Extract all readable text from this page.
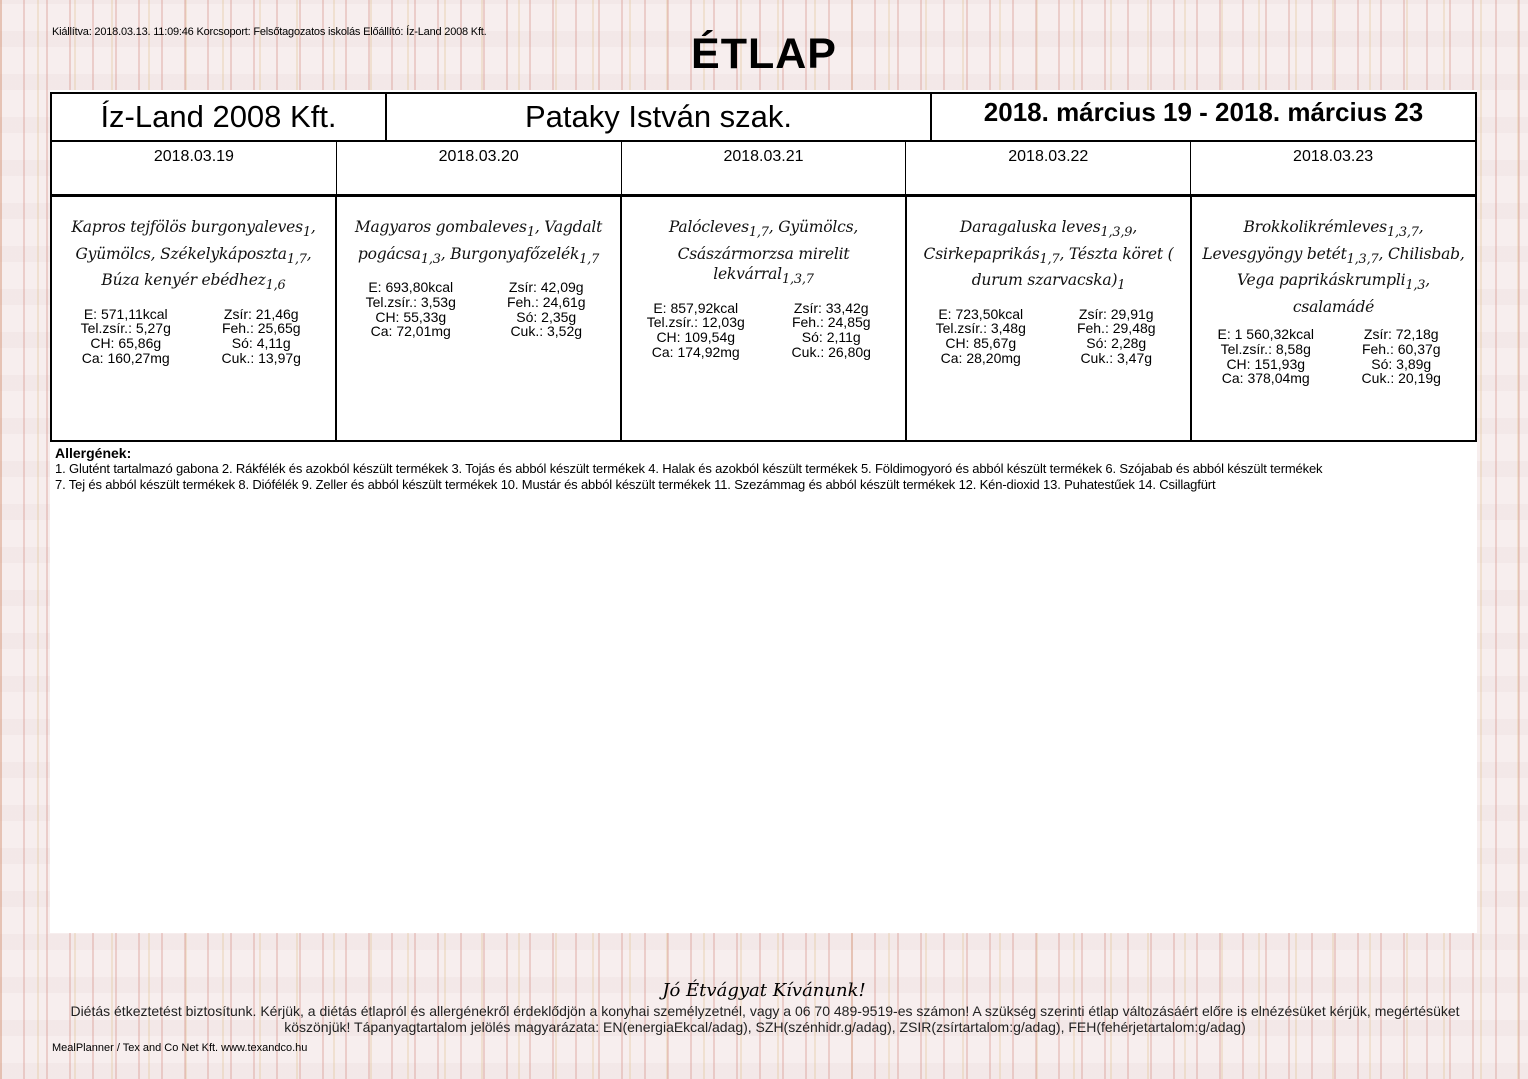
Kiállítva: 2018.03.13. 11:09:46 Korcsoport: Felsőtagozatos iskolás Előállító: Íz-Land 2008 Kft.	ÉTLAP
Íz-Land 2008 Kft.	Pataky István szak.	2018. március 19 - 2018. március 23
2018.03.19	2018.03.20	2018.03.21	2018.03.22	2018.03.23
Kapros tejfölös burgonyaleves$_1$, Gyümölcs, Székelykáposzta$_{1,7}$, Búza kenyér ebédhez$_{1,6}$
E: 571,11kcal	Zsír: 21,46g
Tel.zsír.: 5,27g	Feh.: 25,65g
CH: 65,86g	Só: 4,11g
Ca: 160,27mg	Cuk.: 13,97g
Magyaros gombaleves$_1$, Vagdalt pogácsa$_{1,3}$, Burgonyafőzelék$_{1,7}$
E: 693,80kcal	Zsír: 42,09g
Tel.zsír.: 3,53g	Feh.: 24,61g
CH: 55,33g	Só: 2,35g
Ca: 72,01mg	Cuk.: 3,52g
Palócleves$_{1,7}$, Gyümölcs, Császármorzsa mirelit lekvárral$_{1,3,7}$
E: 857,92kcal	Zsír: 33,42g
Tel.zsír.: 12,03g	Feh.: 24,85g
CH: 109,54g	Só: 2,11g
Ca: 174,92mg	Cuk.: 26,80g
Daragaluska leves$_{1,3,9}$, Csirkepaprikás$_{1,7}$, Tészta köret ( durum $szarvacska)_1$
E: 723,50kcal	Zsír: 29,91g
Tel.zsír.: 3,48g	Feh.: 29,48g
CH: 85,67g	Só: 2,28g
Ca: 28,20mg	Cuk.: 3,47g
Brokkolikrémleves$_{1,3,7}$, Levesgyöngy betét$_{1,3,7}$, Chilisbab, Vega paprikáskrumpli$_{1,3}$, csalamádé
E: 1 560,32kcal	Zsír: 72,18g
Tel.zsír.: 8,58g	Feh.: 60,37g
CH: 151,93g	Só: 3,89g
Ca: 378,04mg	Cuk.: 20,19g
Allergének:
1. Glutént tartalmazó gabona 2. Rákfélék és azokból készült termékek 3. Tojás és abból készült termékek 4. Halak és azokból készült termékek 5. Földimogyoró és abból készült termékek 6. Szójabab és abból készült termékek
7. Tej és abból készült termékek 8. Diófélék 9. Zeller és abból készült termékek 10. Mustár és abból készült termékek 11. Szezámmag és abból készült termékek 12. Kén-dioxid 13. Puhatestűek 14. Csillagfürt
Jó Étvágyat Kívánunk!
Diétás étkeztetést biztosítunk. Kérjük, a diétás étlapról és allergénekről érdeklődjön a konyhai személyzetnél, vagy a 06 70 489-9519-es számon! A szükség szerinti étlap változásáért előre is elnézésüket kérjük, megértésüket köszönjük! Tápanyagtartalom jelölés magyarázata: EN(energiaEkcal/adag), SZH(szénhidr.g/adag), ZSIR(zsírtartalom:g/adag), FEH(fehérjetartalom:g/adag)
MealPlanner / Tex and Co Net Kft. www.texandco.hu
